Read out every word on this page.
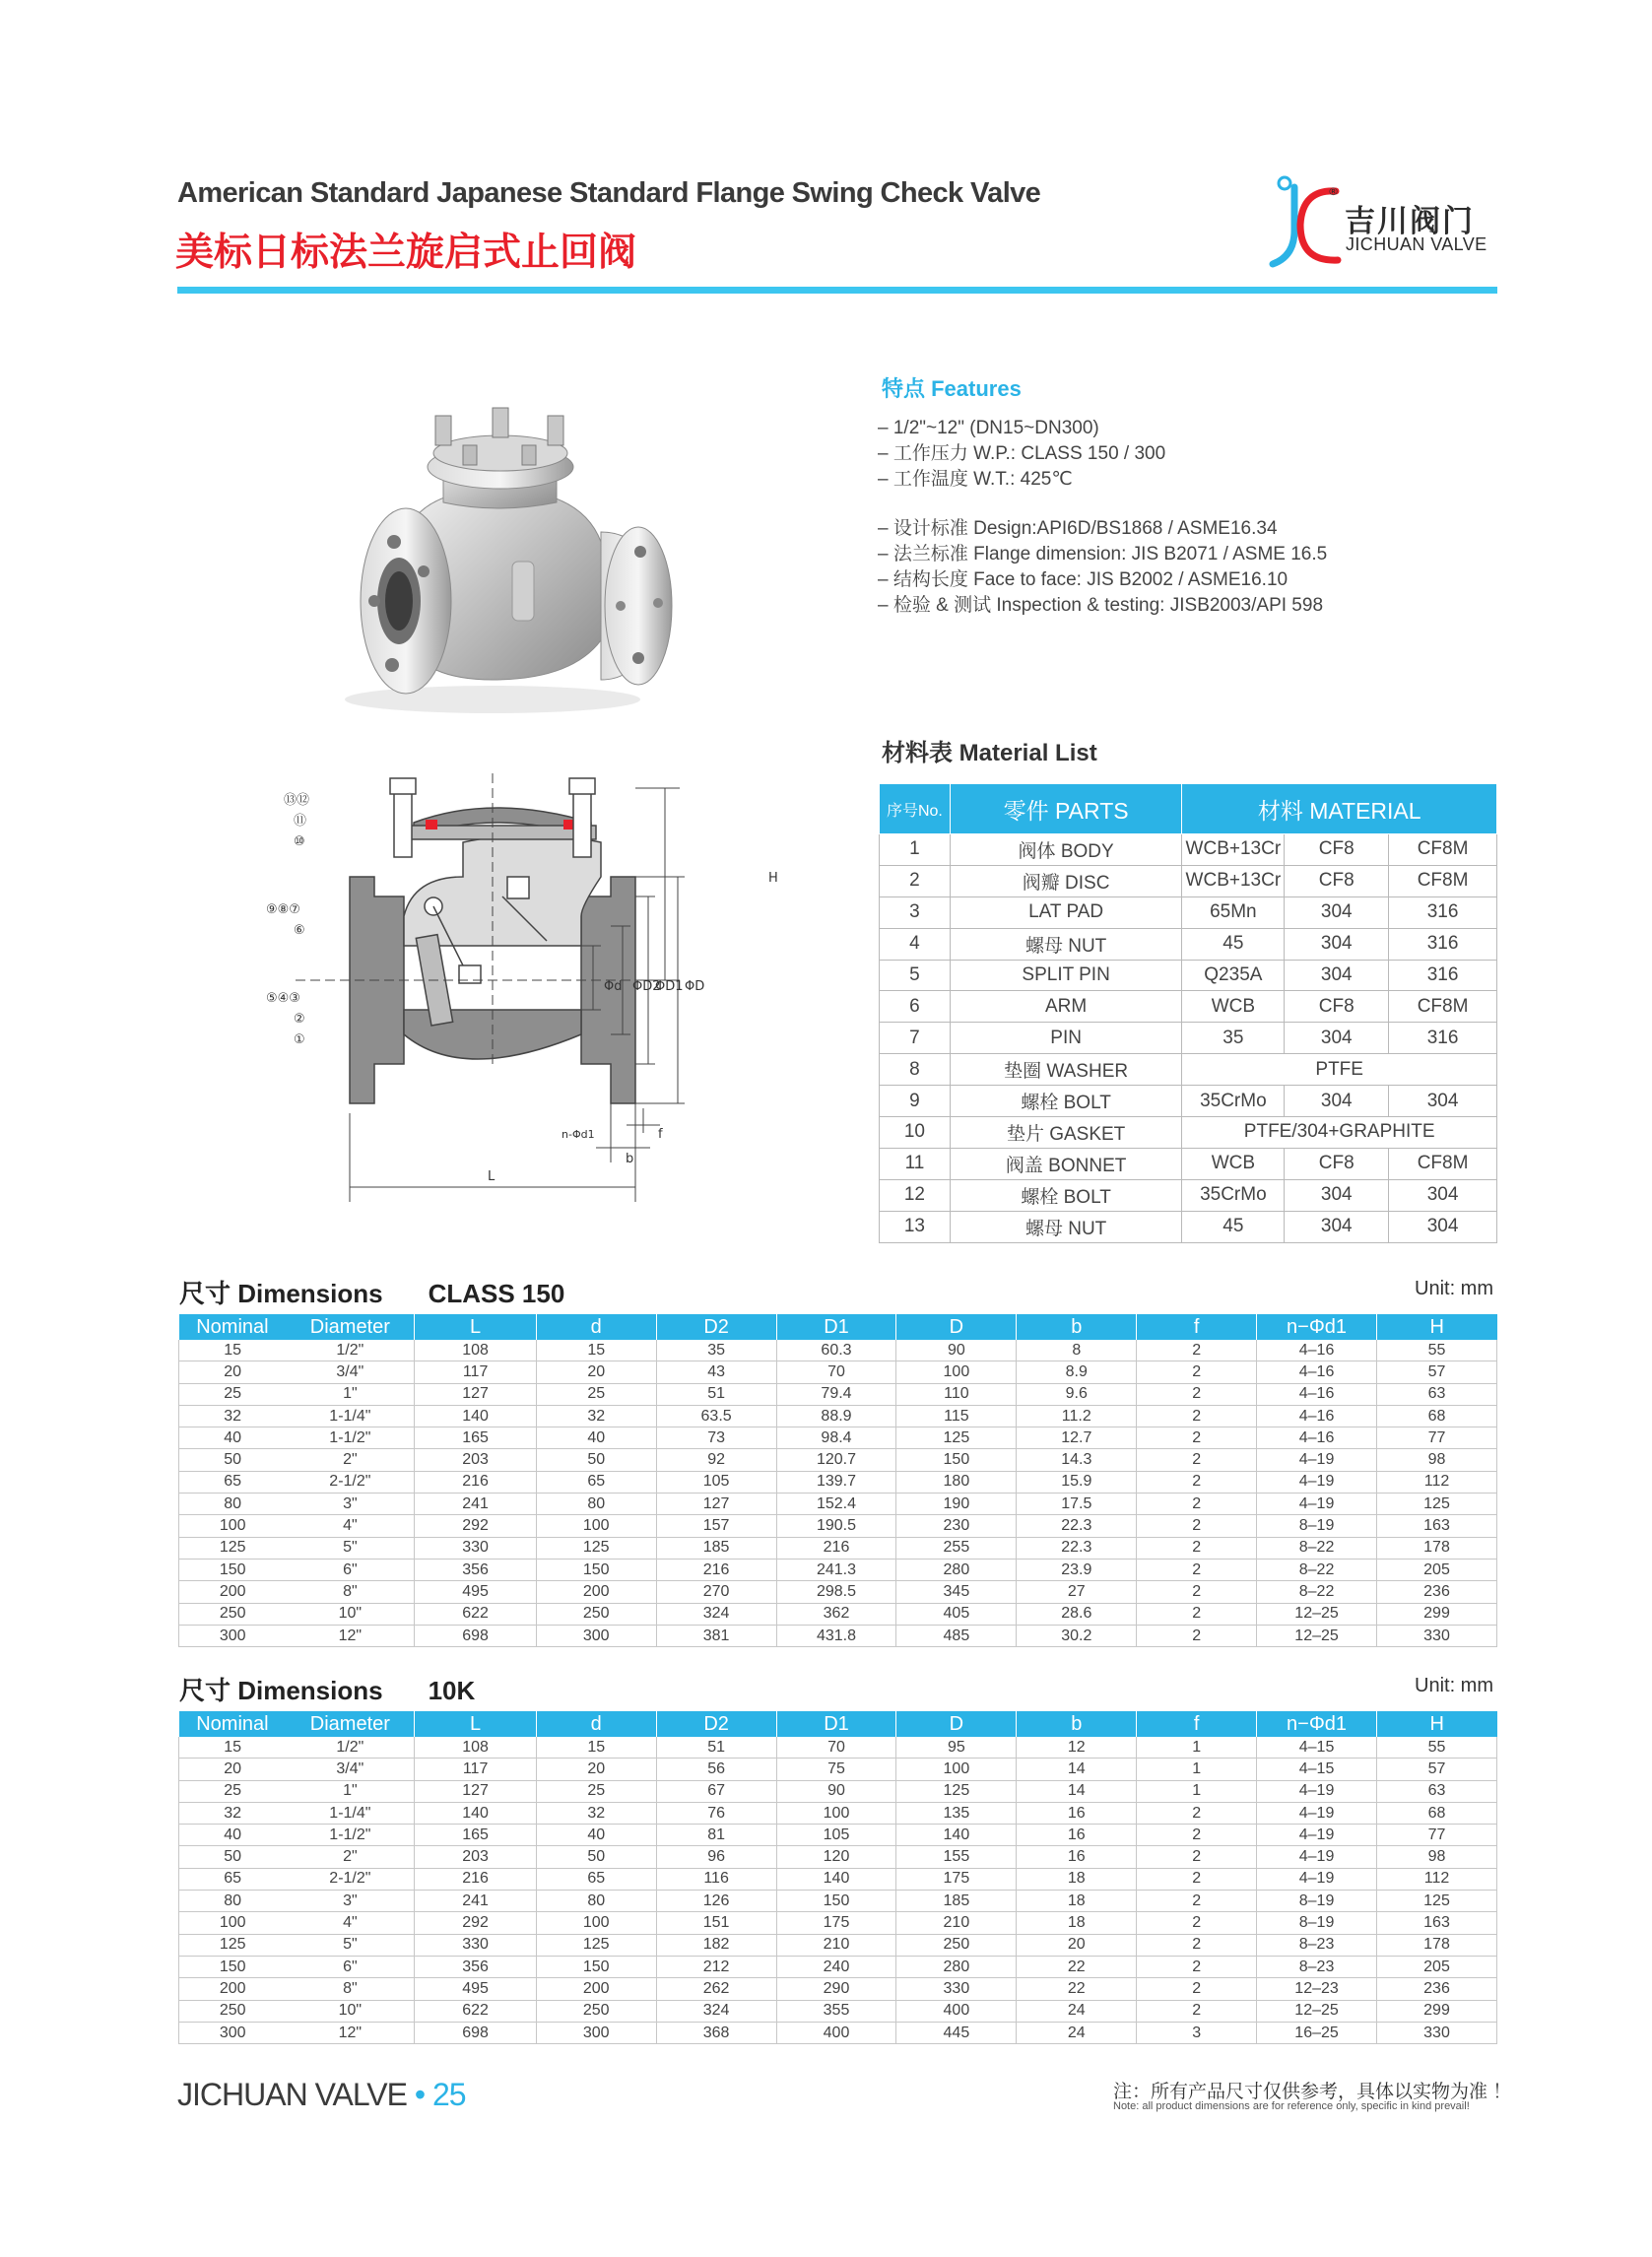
American Standard Japanese Standard Flange Swing Check Valve
美标日标法兰旋启式止回阀
®
吉川阀门
JICHUAN VALVE
⑬⑫
⑪
⑩
⑨⑧⑦
⑥
⑤④③
②
①
H
Φd ΦD2
ΦD1 ΦD
n-Φd1
b
f
L
特点 Features
– 1/2"~12" (DN15~DN300)
– 工作压力 W.P.: CLASS 150 / 300
– 工作温度 W.T.: 425℃
– 设计标准 Design:API6D/BS1868 / ASME16.34
– 法兰标准 Flange dimension: JIS B2071 / ASME 16.5
– 结构长度 Face to face: JIS B2002 / ASME16.10
– 检验 & 测试 Inspection & testing: JISB2003/API 598
材料表 Material List
序号No.	零件 PARTS	材料 MATERIAL		
1	阀体 BODY	WCB+13Cr	CF8	CF8M
2	阀瓣 DISC	WCB+13Cr	CF8	CF8M
3	LAT PAD	65Mn	304	316
4	螺母 NUT	45	304	316
5	SPLIT PIN	Q235A	304	316
6	ARM	WCB	CF8	CF8M
7	PIN	35	304	316
8	垫圈 WASHER	PTFE		
9	螺栓 BOLT	35CrMo	304	304
10	垫片 GASKET	PTFE/304+GRAPHITE		
11	阀盖 BONNET	WCB	CF8	CF8M
12	螺栓 BOLT	35CrMo	304	304
13	螺母 NUT	45	304	304
尺寸 Dimensions CLASS 150	Unit: mm
Nominal	Diameter	L	d	D2	D1	D	b	f	n−Φd1	H
15	1/2"	108	15	35	60.3	90	8	2	4–16	55
20	3/4"	117	20	43	70	100	8.9	2	4–16	57
25	1"	127	25	51	79.4	110	9.6	2	4–16	63
32	1-1/4"	140	32	63.5	88.9	115	11.2	2	4–16	68
40	1-1/2"	165	40	73	98.4	125	12.7	2	4–16	77
50	2"	203	50	92	120.7	150	14.3	2	4–19	98
65	2-1/2"	216	65	105	139.7	180	15.9	2	4–19	112
80	3"	241	80	127	152.4	190	17.5	2	4–19	125
100	4"	292	100	157	190.5	230	22.3	2	8–19	163
125	5"	330	125	185	216	255	22.3	2	8–22	178
150	6"	356	150	216	241.3	280	23.9	2	8–22	205
200	8"	495	200	270	298.5	345	27	2	8–22	236
250	10"	622	250	324	362	405	28.6	2	12–25	299
300	12"	698	300	381	431.8	485	30.2	2	12–25	330
尺寸 Dimensions 10K	Unit: mm
Nominal	Diameter	L	d	D2	D1	D	b	f	n−Φd1	H
15	1/2"	108	15	51	70	95	12	1	4–15	55
20	3/4"	117	20	56	75	100	14	1	4–15	57
25	1"	127	25	67	90	125	14	1	4–19	63
32	1-1/4"	140	32	76	100	135	16	2	4–19	68
40	1-1/2"	165	40	81	105	140	16	2	4–19	77
50	2"	203	50	96	120	155	16	2	4–19	98
65	2-1/2"	216	65	116	140	175	18	2	4–19	112
80	3"	241	80	126	150	185	18	2	8–19	125
100	4"	292	100	151	175	210	18	2	8–19	163
125	5"	330	125	182	210	250	20	2	8–23	178
150	6"	356	150	212	240	280	22	2	8–23	205
200	8"	495	200	262	290	330	22	2	12–23	236
250	10"	622	250	324	355	400	24	2	12–25	299
300	12"	698	300	368	400	445	24	3	16–25	330
JICHUAN VALVE • 25	注：所有产品尺寸仅供参考，具体以实物为准 ！
Note: all product dimensions are for reference only, specific in kind prevail!
